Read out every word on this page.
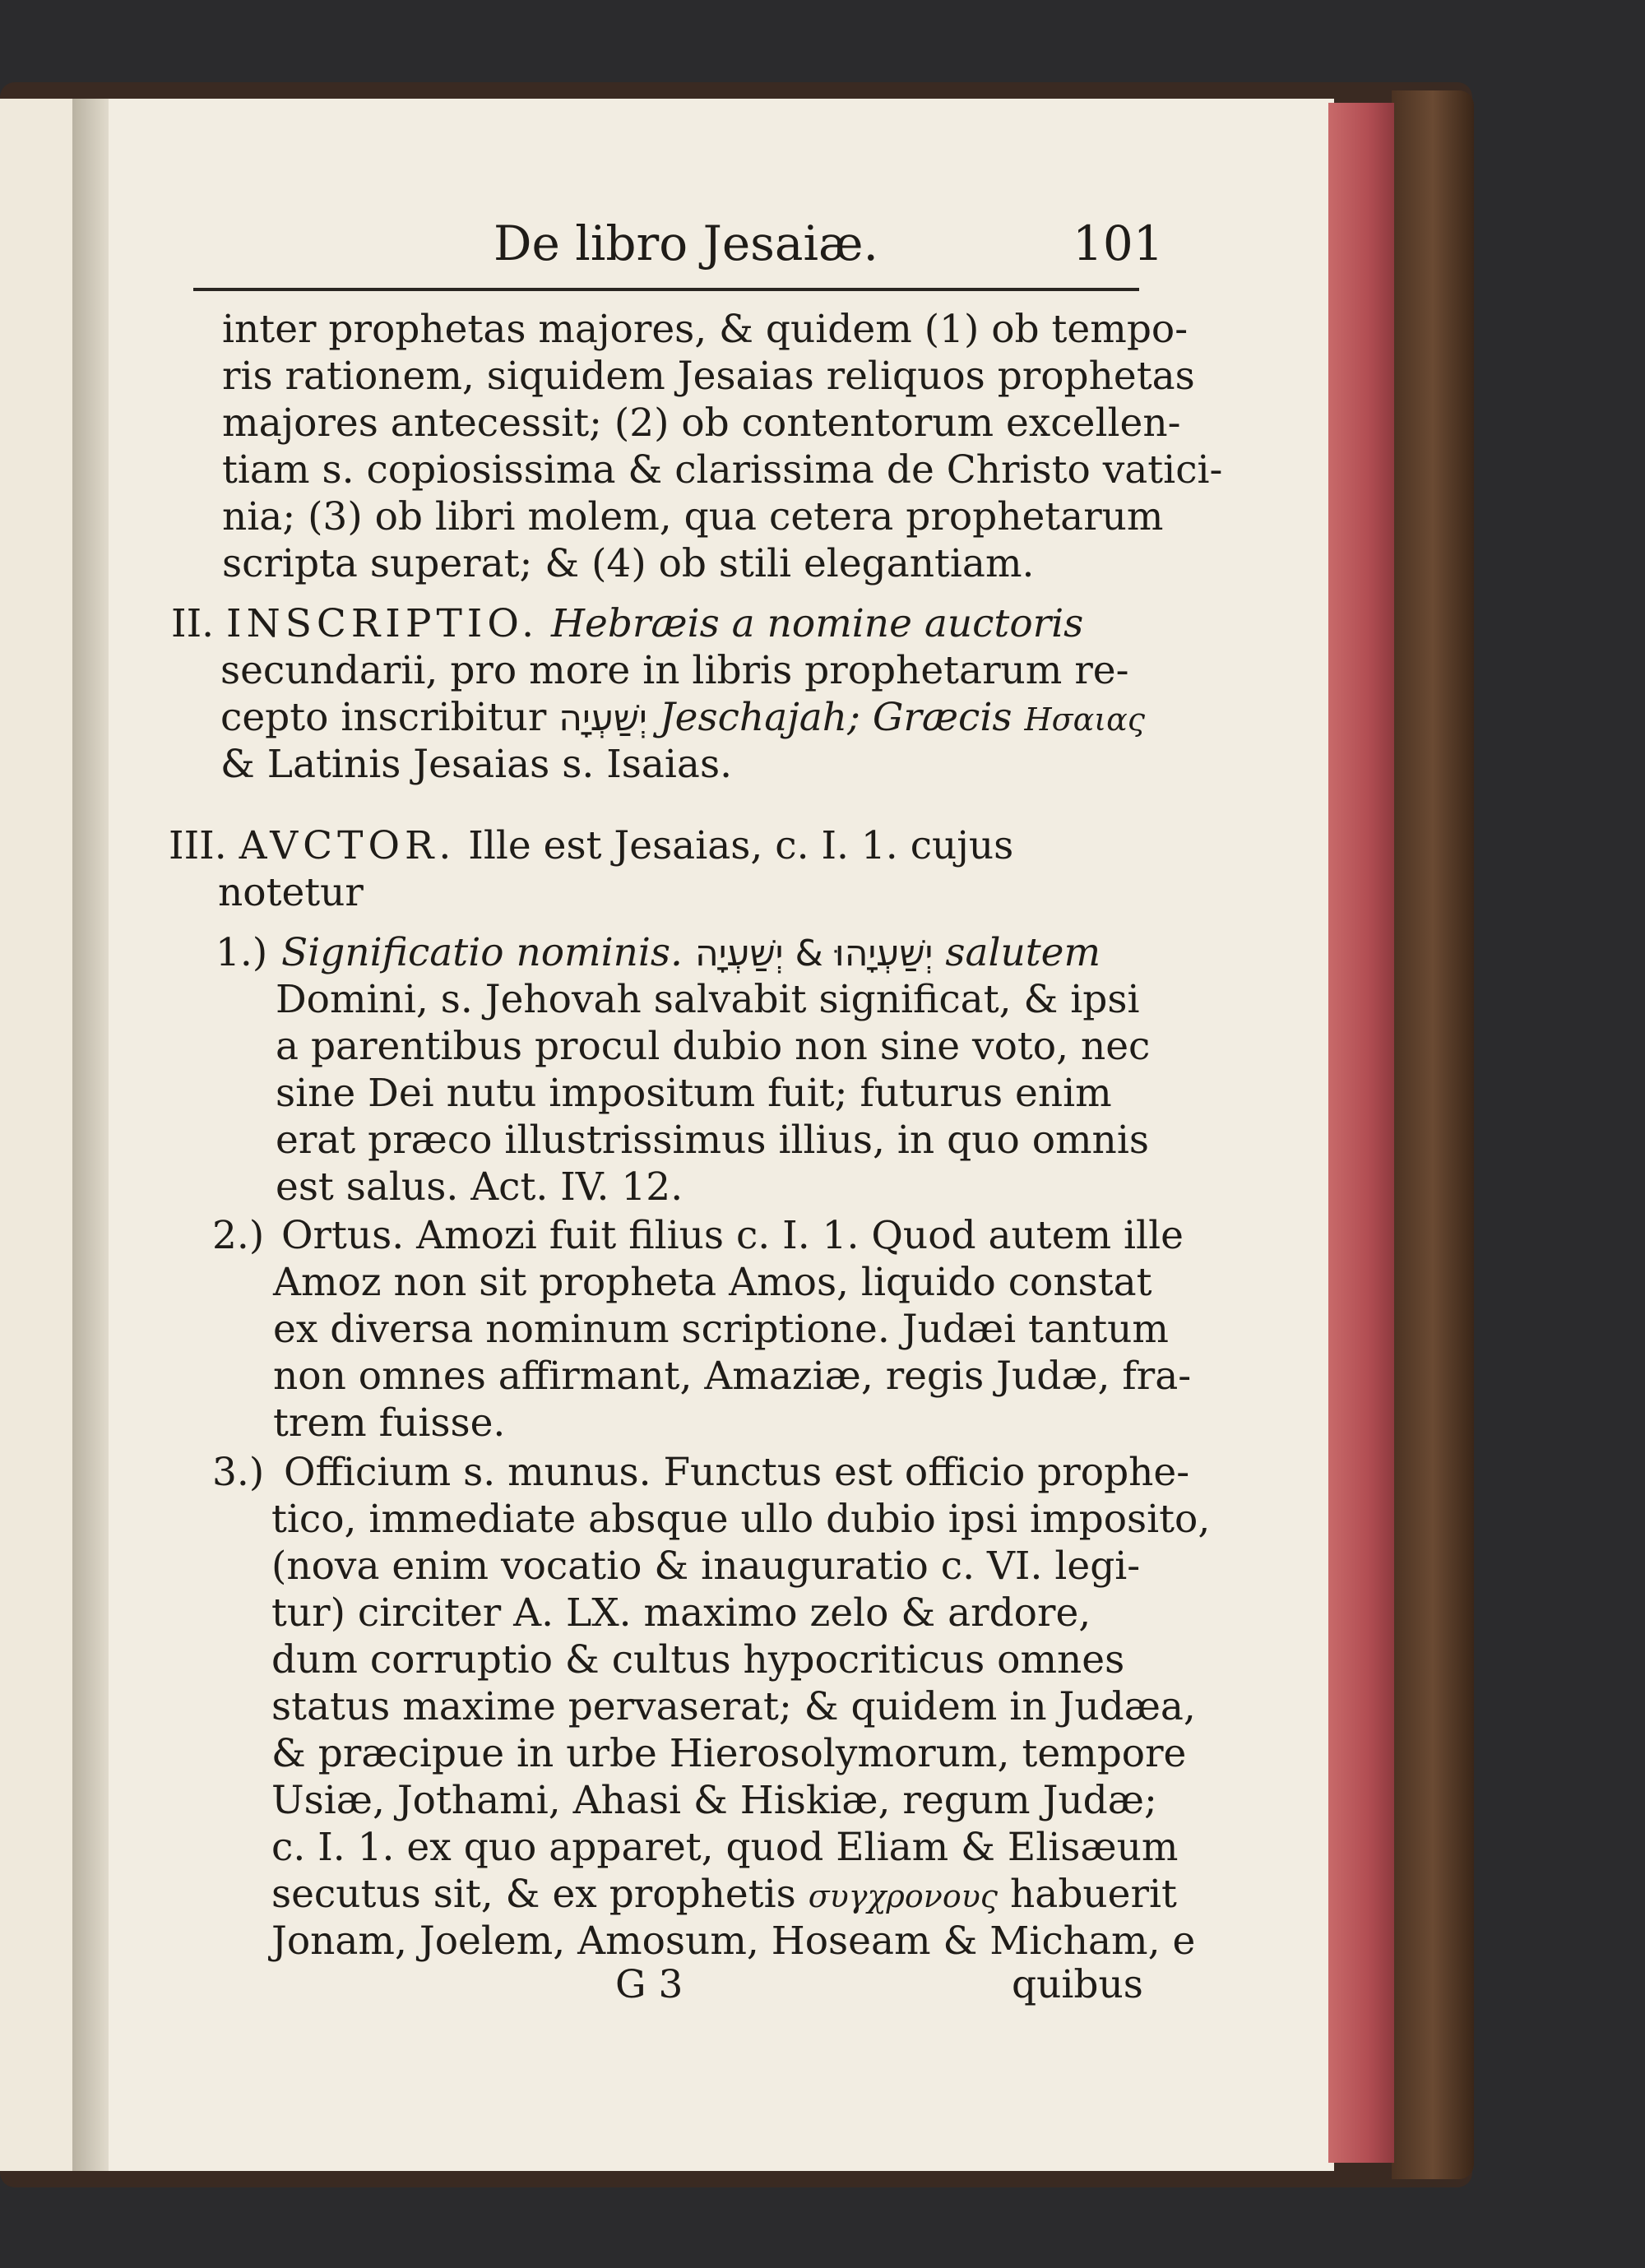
De libro Jesaiæ.	101
inter prophetas majores, & quidem (1) ob tempo-
ris rationem, siquidem Jesaias reliquos prophetas
majores antecessit; (2) ob contentorum excellen-
tiam s. copiosissima & clarissima de Christo vatici-
nia; (3) ob libri molem, qua cetera prophetarum
scripta superat; & (4) ob stili elegantiam.
II. INSCRIPTIO. Hebræis a nomine auctoris
secundarii, pro more in libris prophetarum re-
cepto inscribitur יְשַׁעְיָה Jeschajah; Græcis Ησαιας
& Latinis Jesaias s. Isaias.
III. AVCTOR. Ille est Jesaias, c. I. 1. cujus
notetur
1.) Significatio nominis. יְשַׁעְיָהוּ & יְשַׁעְיָה salutem
Domini, s. Jehovah salvabit significat, & ipsi
a parentibus procul dubio non sine voto, nec
sine Dei nutu impositum fuit; futurus enim
erat præco illustrissimus illius, in quo omnis
est salus. Act. IV. 12.
2.) Ortus. Amozi fuit filius c. I. 1. Quod autem ille
Amoz non sit propheta Amos, liquido constat
ex diversa nominum scriptione. Judæi tantum
non omnes affirmant, Amaziæ, regis Judæ, fra-
trem fuisse.
3.) Officium s. munus. Functus est officio prophe-
tico, immediate absque ullo dubio ipsi imposito,
(nova enim vocatio & inauguratio c. VI. legi-
tur) circiter A. LX. maximo zelo & ardore,
dum corruptio & cultus hypocriticus omnes
status maxime pervaserat; & quidem in Judæa,
& præcipue in urbe Hierosolymorum, tempore
Usiæ, Jothami, Ahasi & Hiskiæ, regum Judæ;
c. I. 1. ex quo apparet, quod Eliam & Elisæum
secutus sit, & ex prophetis συγχρονους habuerit
Jonam, Joelem, Amosum, Hoseam & Micham, e
G 3	quibus
